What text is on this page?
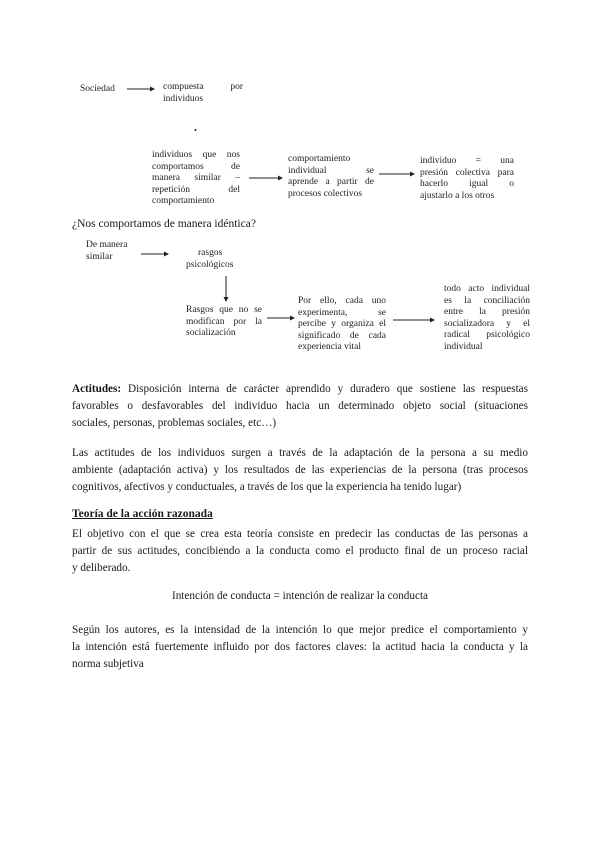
Sociedad	compuesta por
individuos
•
individuos que nos
comportamos de
manera similar –
repetición del
comportamiento
comportamiento
individual se
aprende a partir de
procesos colectivos
individuo = una
presión colectiva para
hacerlo igual o
ajustarlo a los otros
¿Nos comportamos de manera idéntica?
De manera
similar	rasgos
psicológicos
Rasgos que no se
modifican por la
socialización
Por ello, cada uno
experimenta, se
percibe y organiza el
significado de cada
experiencia vital
todo acto individual
es la conciliación
entre la presión
socializadora y el
radical psicológico
individual
Actitudes: Disposición interna de carácter aprendido y duradero que sostiene las respuestas
favorables o desfavorables del individuo hacia un determinado objeto social (situaciones
sociales, personas, problemas sociales, etc…)
Las actitudes de los individuos surgen a través de la adaptación de la persona a su medio
ambiente (adaptación activa) y los resultados de las experiencias de la persona (tras procesos
cognitivos, afectivos y conductuales, a través de los que la experiencia ha tenido lugar)
Teoría de la acción razonada
El objetivo con el que se crea esta teoría consiste en predecir las conductas de las personas a
partir de sus actitudes, concibiendo a la conducta como el producto final de un proceso racial
y deliberado.
Intención de conducta = intención de realizar la conducta
Según los autores, es la intensidad de la intención lo que mejor predice el comportamiento y
la intención está fuertemente influido por dos factores claves: la actitud hacia la conducta y la
norma subjetiva
